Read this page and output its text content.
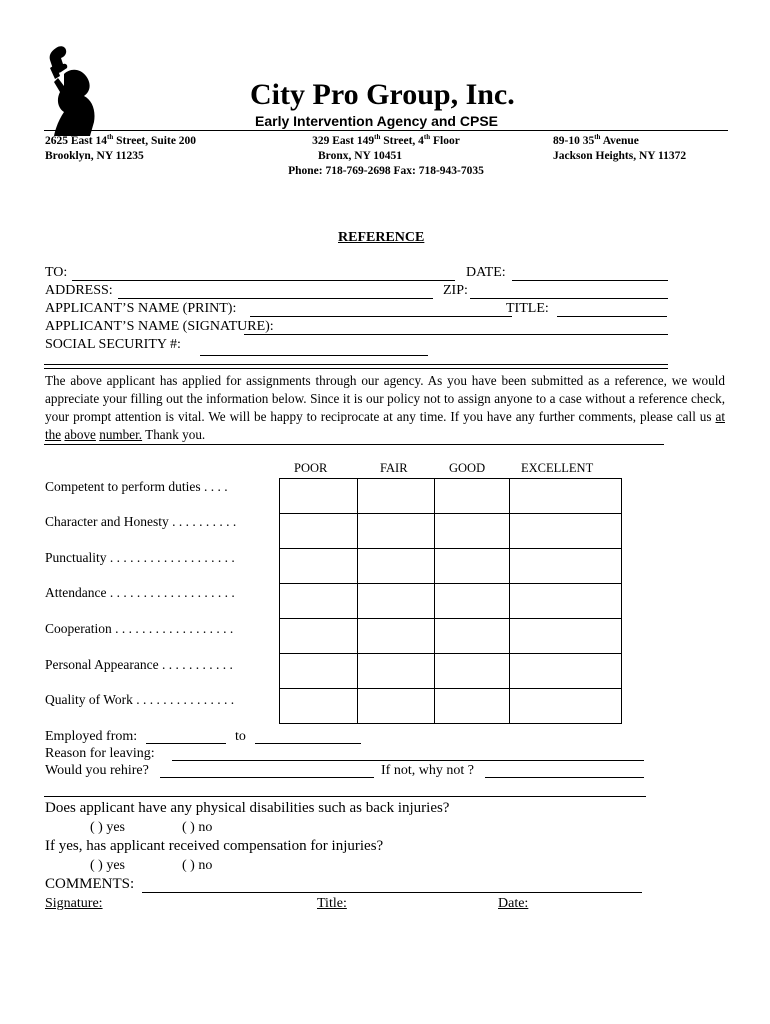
City Pro Group, Inc.
Early Intervention Agency and CPSE
2625 East 14th Street, Suite 200
Brooklyn, NY 11235
329 East 149th Street, 4th Floor
Bronx, NY 10451
Phone: 718-769-2698 Fax: 718-943-7035
89-10 35th Avenue
Jackson Heights, NY 11372
REFERENCE
TO:	DATE:
ADDRESS:	ZIP:
APPLICANT’S NAME (PRINT):	TITLE:
APPLICANT’S NAME (SIGNATURE):
SOCIAL SECURITY #:
The above applicant has applied for assignments through our agency. As you have been submitted as a reference, we would appreciate your filling out the information below. Since it is our policy not to assign anyone to a case without a reference check, your prompt attention is vital. We will be happy to reciprocate at any time. If you have any further comments, please call us at the above number. Thank you.
POOR	FAIR	GOOD	EXCELLENT
Competent to perform duties . . . .
Character and Honesty . . . . . . . . . .
Punctuality . . . . . . . . . . . . . . . . . . .
Attendance . . . . . . . . . . . . . . . . . . .
Cooperation . . . . . . . . . . . . . . . . . .
Personal Appearance . . . . . . . . . . .
Quality of Work . . . . . . . . . . . . . . .

Employed from:	to
Reason for leaving:
Would you rehire?	If not, why not ?
Does applicant have any physical disabilities such as back injuries?
( ) yes	( ) no
If yes, has applicant received compensation for injuries?
( ) yes	( ) no
COMMENTS:
Signature:	Title:	Date:
